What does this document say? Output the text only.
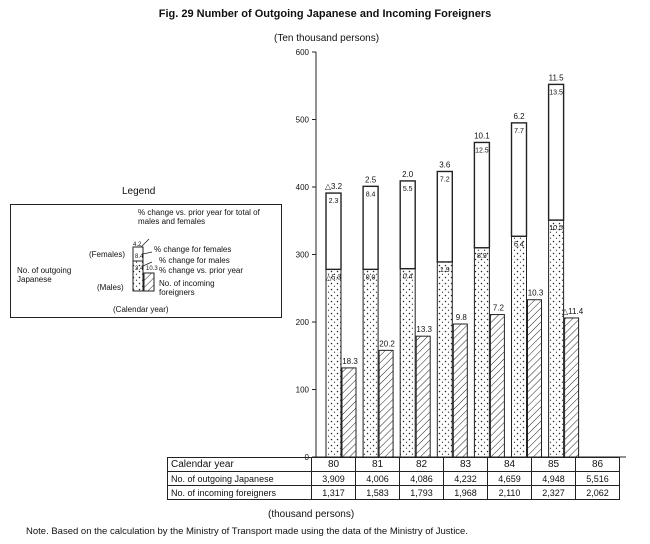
Fig. 29 Number of Outgoing Japanese and Incoming Foreigners
(Ten thousand persons)
0
100
200
300
400
500
600
△3.2
2.3
△5.3
18.3
2.5
8.4
0.0
20.2
2.0
5.5
0.4
13.3
3.6
7.2
1.9
9.8
10.1
12.5
8.9
7.2
6.2
7.7
5.4
10.3
11.5
13.5
10.5
△11.4
Legend
% change vs. prior year for total of males and females
(Females)
% change for females
% change for males
% change vs. prior year
No. of outgoing Japanese
(Males)	No. of incoming foreigners
(Calendar year)
4.2
8.4
3.4 10.3
Calendar year	80	81	82	83	84	85	86
No. of outgoing Japanese	3,909	4,006	4,086	4,232	4,659	4,948	5,516
No. of incoming foreigners	1,317	1,583	1,793	1,968	2,110	2,327	2,062
(thousand persons)
Note. Based on the calculation by the Ministry of Transport made using the data of the Ministry of Justice.
